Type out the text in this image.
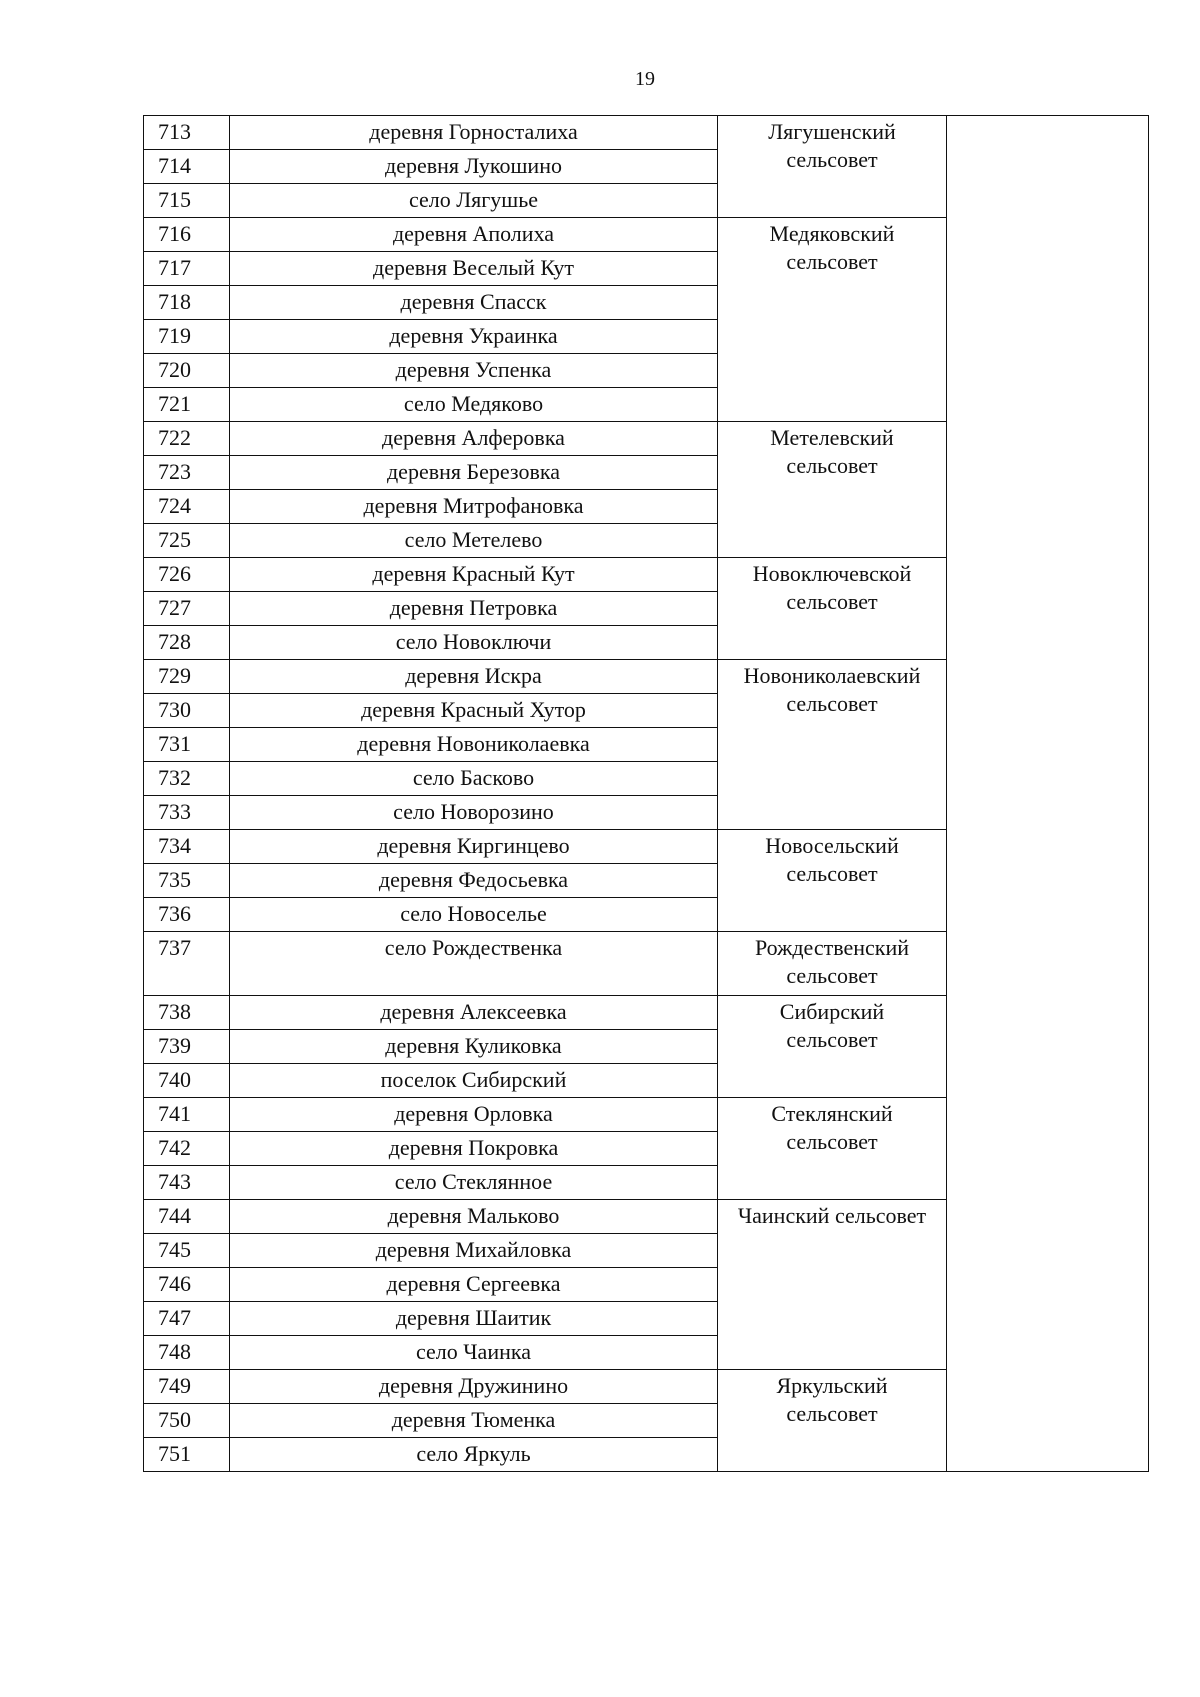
19
713	деревня Горносталиха	Лягушенский
сельсовет	
714	деревня Лукошино		
715	село Лягушье		
716	деревня Аполиха	Медяковский
сельсовет	
717	деревня Веселый Кут		
718	деревня Спасск		
719	деревня Украинка		
720	деревня Успенка		
721	село Медяково		
722	деревня Алферовка	Метелевский
сельсовет	
723	деревня Березовка		
724	деревня Митрофановка		
725	село Метелево		
726	деревня Красный Кут	Новоключевской
сельсовет	
727	деревня Петровка		
728	село Новоключи		
729	деревня Искра	Новониколаевский
сельсовет	
730	деревня Красный Хутор		
731	деревня Новониколаевка		
732	село Басково		
733	село Новорозино		
734	деревня Киргинцево	Новосельский
сельсовет	
735	деревня Федосьевка		
736	село Новоселье		
737	село Рождественка	Рождественский
сельсовет	
738	деревня Алексеевка	Сибирский
сельсовет	
739	деревня Куликовка		
740	поселок Сибирский		
741	деревня Орловка	Стеклянский
сельсовет	
742	деревня Покровка		
743	село Стеклянное		
744	деревня Мальково	Чаинский сельсовет	
745	деревня Михайловка		
746	деревня Сергеевка		
747	деревня Шаитик		
748	село Чаинка		
749	деревня Дружинино	Яркульский
сельсовет	
750	деревня Тюменка		
751	село Яркуль		
